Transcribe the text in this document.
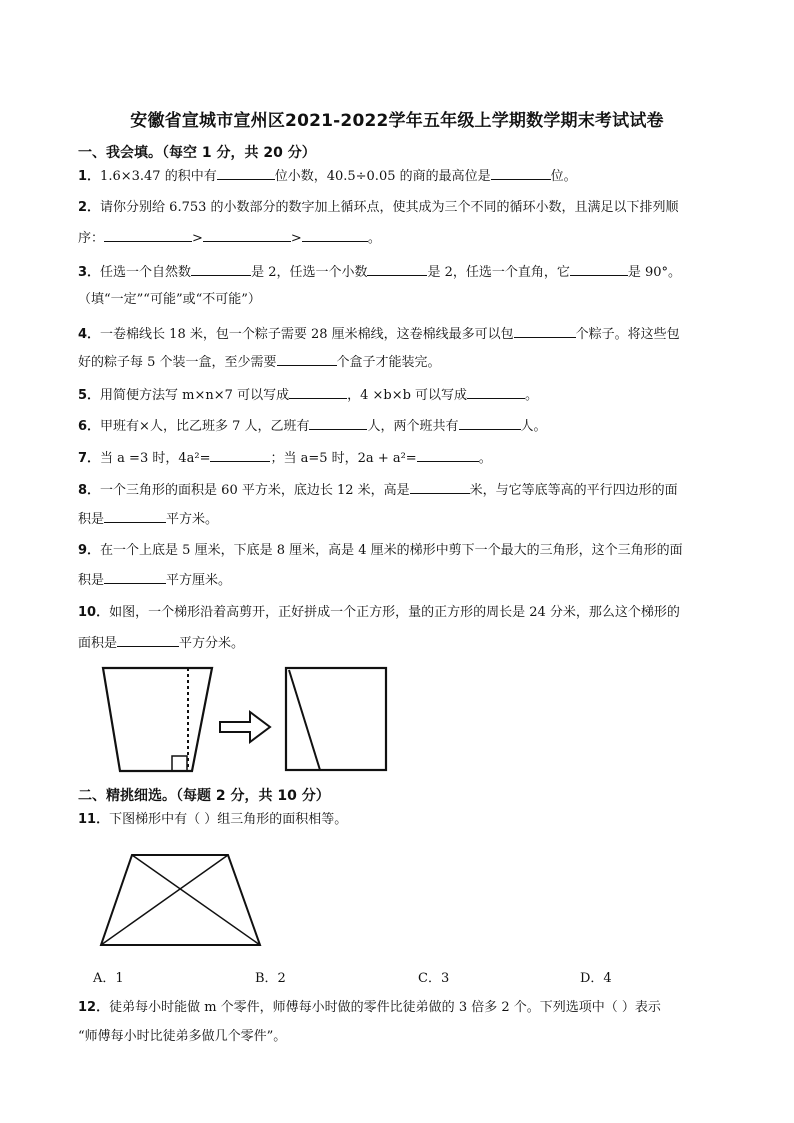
安徽省宣城市宣州区2021-2022学年五年级上学期数学期末考试试卷
一、我会填。（每空 1 分，共 20 分）
1．1.6×3.47 的积中有	位小数，40.5÷0.05 的商的最高位是	位。
2．请你分别给 6.753 的小数部分的数字加上循环点，使其成为三个不同的循环小数，且满足以下排列顺
序：	>	>	。
3．任选一个自然数	是 2，任选一个小数	是 2，任选一个直角，它	是 90°。
（填“一定”“可能”或“不可能”）
4．一卷棉线长 18 米，包一个粽子需要 28 厘米棉线，这卷棉线最多可以包	个粽子。将这些包
好的粽子每 5 个装一盒，至少需要	个盒子才能装完。
5．用简便方法写 m×n×7 可以写成	，4 ×b×b 可以写成	。
6．甲班有×人，比乙班多 7 人，乙班有	人，两个班共有	人。
7．当 a =3 时，4a²=	；当 a=5 时，2a + a²=	。
8．一个三角形的面积是 60 平方米，底边长 12 米，高是	米，与它等底等高的平行四边形的面
积是	平方米。
9．在一个上底是 5 厘米，下底是 8 厘米，高是 4 厘米的梯形中剪下一个最大的三角形，这个三角形的面
积是	平方厘米。
10．如图，一个梯形沿着高剪开，正好拼成一个正方形，量的正方形的周长是 24 分米，那么这个梯形的
面积是	平方分米。
二、精挑细选。（每题 2 分，共 10 分）
11．下图梯形中有（ ）组三角形的面积相等。
A．1	B．2	C．3	D．4
12．徒弟每小时能做 m 个零件，师傅每小时做的零件比徒弟做的 3 倍多 2 个。下列选项中（ ）表示
“师傅每小时比徒弟多做几个零件”。
